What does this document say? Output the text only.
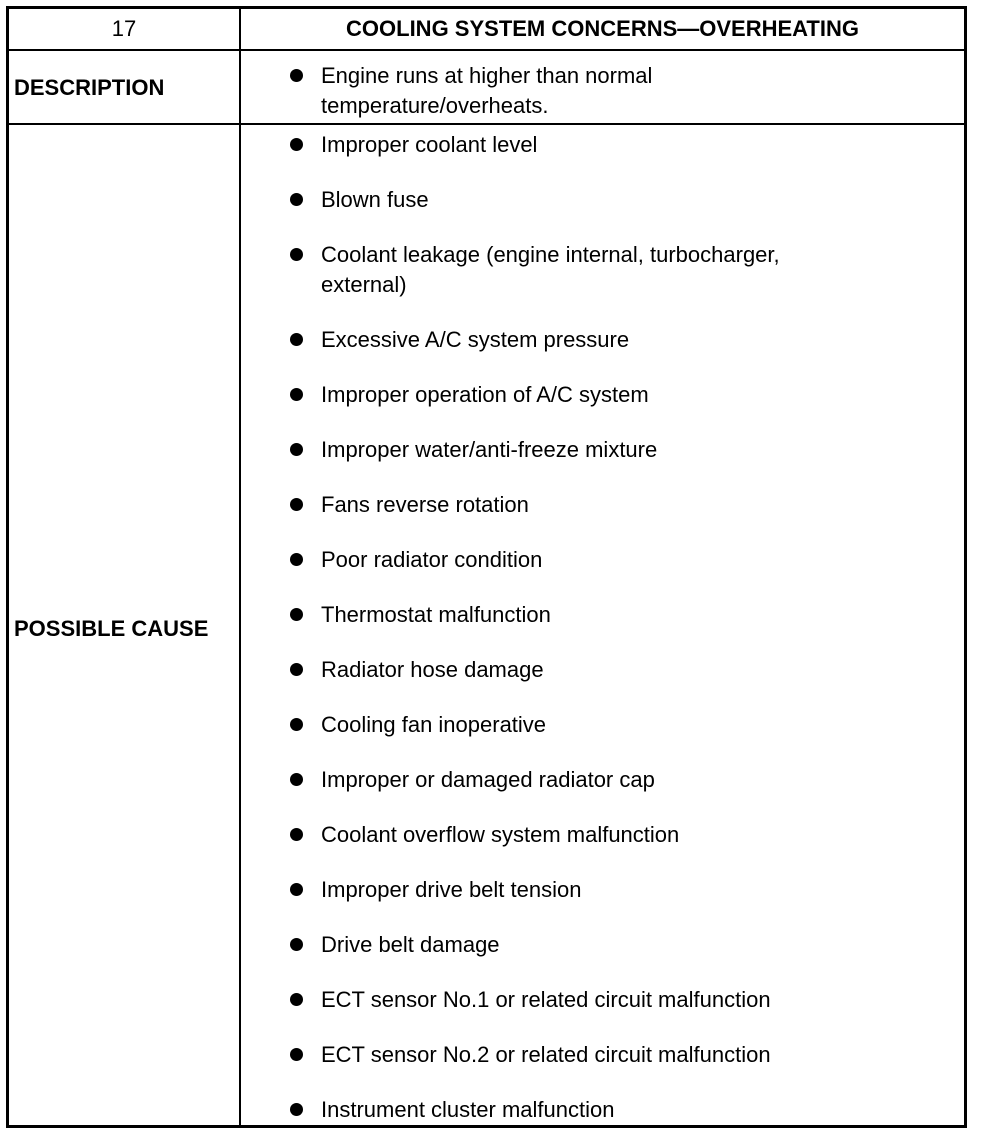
17	COOLING SYSTEM CONCERNS—OVERHEATING
DESCRIPTION	Engine runs at higher than normal
temperature/overheats.
POSSIBLE CAUSE
Improper coolant level
Blown fuse
Coolant leakage (engine internal, turbocharger,
external)
Excessive A/C system pressure
Improper operation of A/C system
Improper water/anti-freeze mixture
Fans reverse rotation
Poor radiator condition
Thermostat malfunction
Radiator hose damage
Cooling fan inoperative
Improper or damaged radiator cap
Coolant overflow system malfunction
Improper drive belt tension
Drive belt damage
ECT sensor No.1 or related circuit malfunction
ECT sensor No.2 or related circuit malfunction
Instrument cluster malfunction
